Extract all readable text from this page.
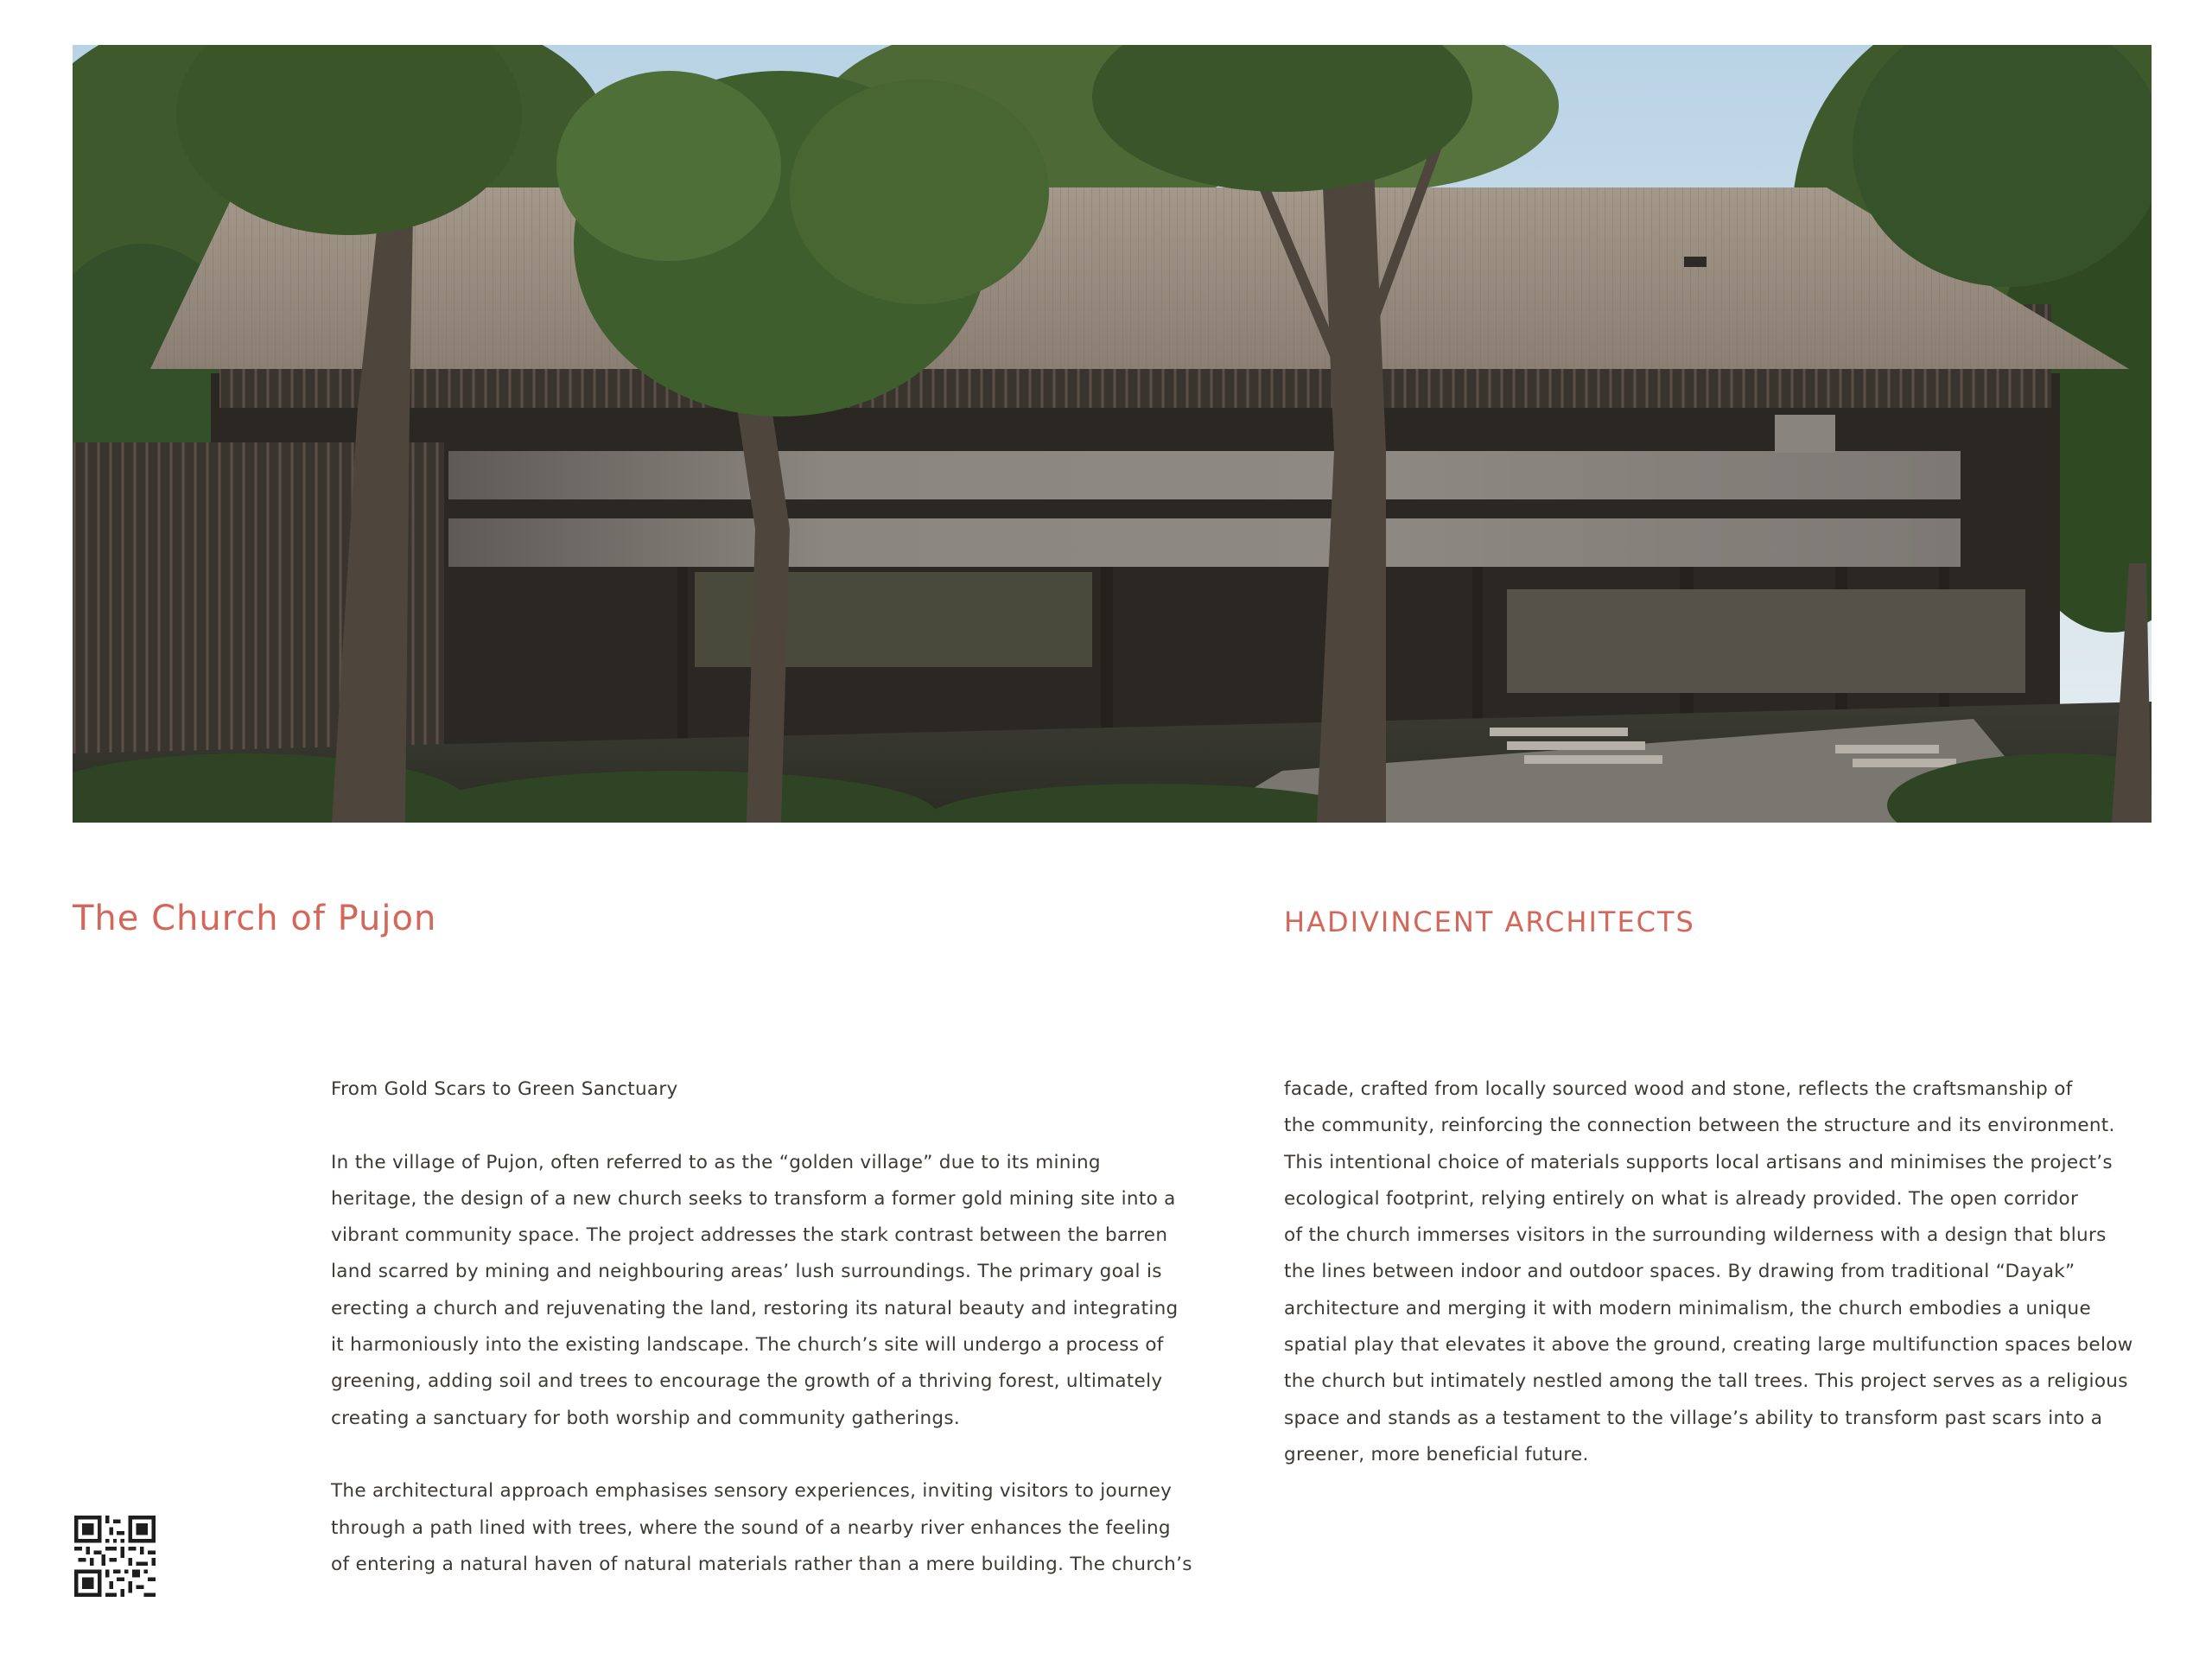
The Church of Pujon	HADIVINCENT ARCHITECTS

From Gold Scars to Green Sanctuary

In the village of Pujon, often referred to as the “golden village” due to its mining
heritage, the design of a new church seeks to transform a former gold mining site into a
vibrant community space. The project addresses the stark contrast between the barren
land scarred by mining and neighbouring areas’ lush surroundings. The primary goal is
erecting a church and rejuvenating the land, restoring its natural beauty and integrating
it harmoniously into the existing landscape. The church’s site will undergo a process of
greening, adding soil and trees to encourage the growth of a thriving forest, ultimately
creating a sanctuary for both worship and community gatherings.

The architectural approach emphasises sensory experiences, inviting visitors to journey
through a path lined with trees, where the sound of a nearby river enhances the feeling
of entering a natural haven of natural materials rather than a mere building. The church’s

facade, crafted from locally sourced wood and stone, reflects the craftsmanship of
the community, reinforcing the connection between the structure and its environment.
This intentional choice of materials supports local artisans and minimises the project’s
ecological footprint, relying entirely on what is already provided. The open corridor
of the church immerses visitors in the surrounding wilderness with a design that blurs
the lines between indoor and outdoor spaces. By drawing from traditional “Dayak”
architecture and merging it with modern minimalism, the church embodies a unique
spatial play that elevates it above the ground, creating large multifunction spaces below
the church but intimately nestled among the tall trees. This project serves as a religious
space and stands as a testament to the village’s ability to transform past scars into a
greener, more beneficial future.
